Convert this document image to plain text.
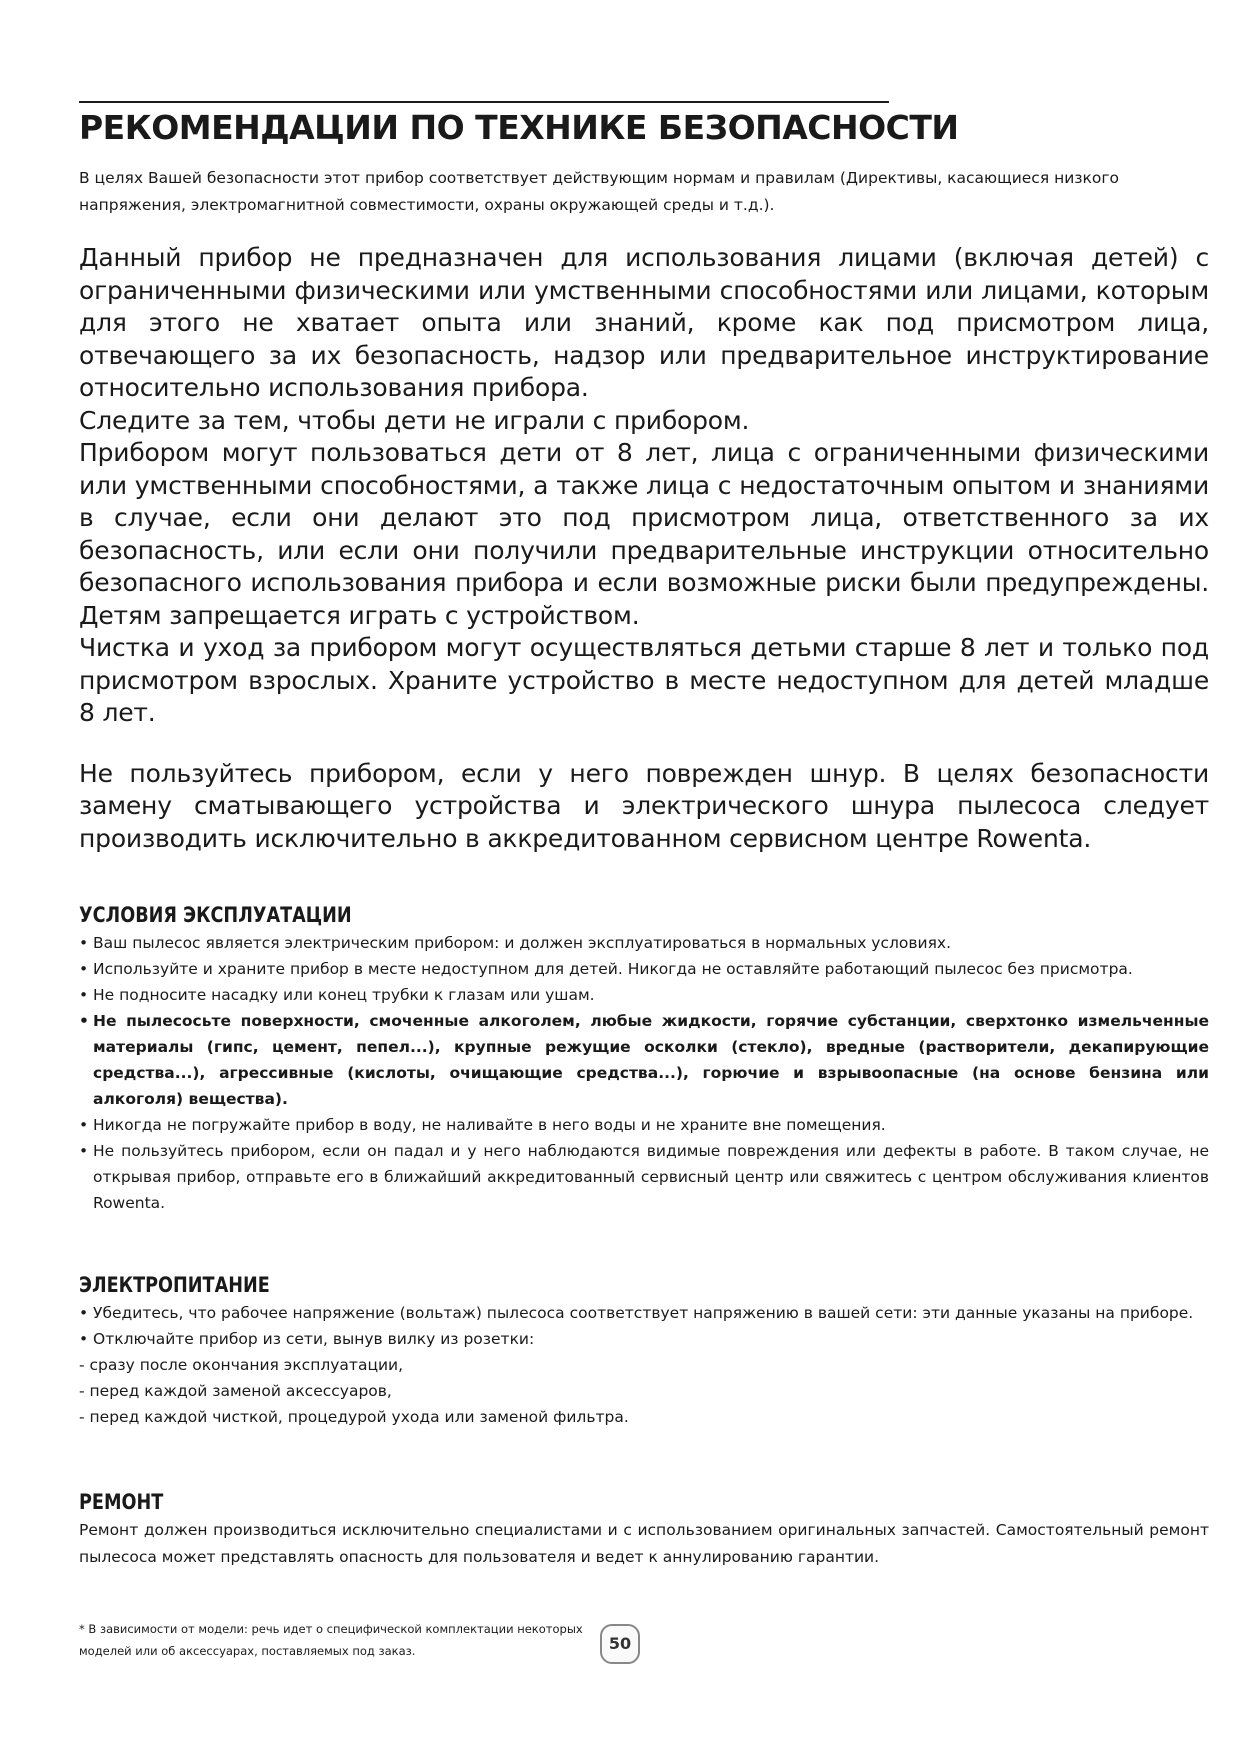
РЕКОМЕНДАЦИИ ПО ТЕХНИКЕ БЕЗОПАСНОСТИ

В целях Вашей безопасности этот прибор соответствует действующим нормам и правилам (Директивы, касающиеся низкого напряжения, электромагнитной совместимости, охраны окружающей среды и т.д.).

Данный прибор не предназначен для использования лицами (включая детей) с ограниченными физическими или умственными способностями или лицами, которым для этого не хватает опыта или знаний, кроме как под присмотром лица, отвечающего за их безопасность, надзор или предварительное инструктирование относительно использования прибора.

Следите за тем, чтобы дети не играли с прибором.

Прибором могут пользоваться дети от 8 лет, лица с ограниченными физическими или умственными способностями, а также лица с недостаточным опытом и знаниями в случае, если они делают это под присмотром лица, ответственного за их безопасность, или если они получили предварительные инструкции относительно безопасного использования прибора и если возможные риски были предупреждены. Детям запрещается играть с устройством.

Чистка и уход за прибором могут осуществляться детьми старше 8 лет и только под присмотром взрослых. Храните устройство в месте недоступном для детей младше 8 лет.

Не пользуйтесь прибором, если у него поврежден шнур. В целях безопасности замену сматывающего устройства и электрического шнура пылесоса следует производить исключительно в аккредитованном сервисном центре Rowenta.

УСЛОВИЯ ЭКСПЛУАТАЦИИ
• Ваш пылесос является электрическим прибором: и должен эксплуатироваться в нормальных условиях.
• Используйте и храните прибор в месте недоступном для детей. Никогда не оставляйте работающий пылесос без присмотра.
• Не подносите насадку или конец трубки к глазам или ушам.
• Не пылесосьте поверхности, смоченные алкоголем, любые жидкости, горячие субстанции, сверхтонко измельченные материалы (гипс, цемент, пепел...), крупные режущие осколки (стекло), вредные (растворители, декапирующие средства...), агрессивные (кислоты, очищающие средства...), горючие и взрывоопасные (на основе бензина или алкоголя) вещества).
• Никогда не погружайте прибор в воду, не наливайте в него воды и не храните вне помещения.
• Не пользуйтесь прибором, если он падал и у него наблюдаются видимые повреждения или дефекты в работе. В таком случае, не открывая прибор, отправьте его в ближайший аккредитованный сервисный центр или свяжитесь с центром обслуживания клиентов Rowenta.
ЭЛЕКТРОПИТАНИЕ
• Убедитесь, что рабочее напряжение (вольтаж) пылесоса соответствует напряжению в вашей сети: эти данные указаны на приборе.
• Отключайте прибор из сети, вынув вилку из розетки:
- сразу после окончания эксплуатации,
- перед каждой заменой аксессуаров,
- перед каждой чисткой, процедурой ухода или заменой фильтра.
РЕМОНТ

Ремонт должен производиться исключительно специалистами и с использованием оригинальных запчастей. Самостоятельный ремонт пылесоса может представлять опасность для пользователя и ведет к аннулированию гарантии.

* В зависимости от модели: речь идет о специфической комплектации некоторых моделей или об аксессуарах, поставляемых под заказ.	50
